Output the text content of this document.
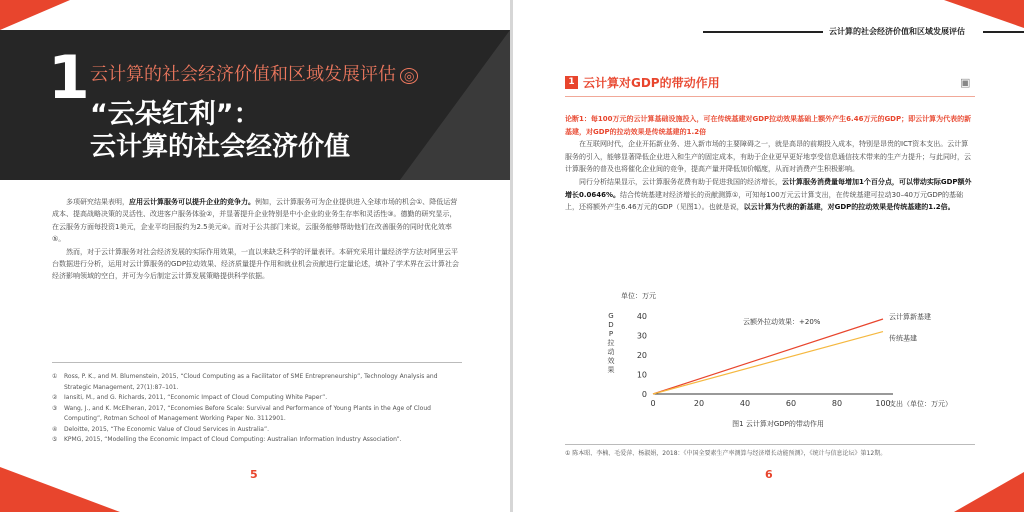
1 云计算的社会经济价值和区域发展评估 ◎
“云朵红利”：
云计算的社会经济价值

多项研究结果表明，应用云计算服务可以提升企业的竞争力。例如，云计算服务可为企业提供进入全球市场的机会①、降低运营成本、提高战略决策的灵活性、改进客户服务体验②，并显著提升企业特别是中小企业的业务生存率和灵活性③。德勤的研究显示，在云服务方面每投资1美元，企业平均回报约为2.5美元④。而对于公共部门来说，云服务能够帮助他们在改善服务的同时优化效率⑤。

然而，对于云计算服务对社会经济发展的实际作用效果，一直以来缺乏科学的评量表评。本研究采用计量经济学方法对阿里云平台数据进行分析，运用对云计算服务的GDP拉动效果、经济质量提升作用和就业机会贡献进行定量论述，填补了学术界在云计算社会经济影响领域的空白，并可为今后制定云计算发展策略提供科学依据。

①	Ross, P. K., and M. Blumenstein, 2015, “Cloud Computing as a Facilitator of SME Entrepreneurship”, Technology Analysis and Strategic Management, 27(1):87–101.
②	Iansiti, M., and G. Richards, 2011, “Economic Impact of Cloud Computing White Paper”.
③	Wang, J., and K. McElheran, 2017, “Economies Before Scale: Survival and Performance of Young Plants in the Age of Cloud Computing”, Rotman School of Management Working Paper No. 3112901.
④	Deloitte, 2015, “The Economic Value of Cloud Services in Australia”.
⑤	KPMG, 2015, “Modelling the Economic Impact of Cloud Computing: Australian Information Industry Association”.
5
云计算的社会经济价值和区域发展评估
1 云计算对GDP的带动作用	▣

论断1：每100万元的云计算基础设施投入，可在传统基建对GDP拉动效果基础上额外产生6.46万元的GDP；即云计算为代表的新基建，对GDP的拉动效果是传统基建的1.2倍

在互联网时代，企业开拓新业务、进入新市场的主要障碍之一，就是高昂的前期投入成本，特别是昂贵的ICT资本支出。云计算服务的引入，能够显著降低企业进入和生产的固定成本，有助于企业更早更好地享受信息通信技术带来的生产力提升；与此同时，云计算服务的普及也将催化企业间的竞争，提高产量并降低加价幅度，从而对消费产生积极影响。

同行分析结果显示，云计算服务花费有助于促进我国的经济增长，云计算服务消费量每增加1个百分点，可以带动实际GDP额外增长0.0646%。结合传统基建对经济增长的贡献测算①，可知每100万元云计算支出，在传统基建可拉动30–40万元GDP的基础上，还将额外产生6.46万元的GDP（见图1）。也就是说，以云计算为代表的新基建，对GDP的拉动效果是传统基建的1.2倍。

单位：万元
G
D
P
拉
动
效
果
0
10
20
30
40
0	20	40	60	80	100
支出（单位：万元）
云计算新基建
传统基建
云额外拉动效果：+20%
图1 云计算对GDP的带动作用
① 陈本昭、李楠、毛爱萍、杨淑娟，2018：《中国全要素生产率测算与经济增长动能预测》，《统计与信息论坛》第12期。
6
